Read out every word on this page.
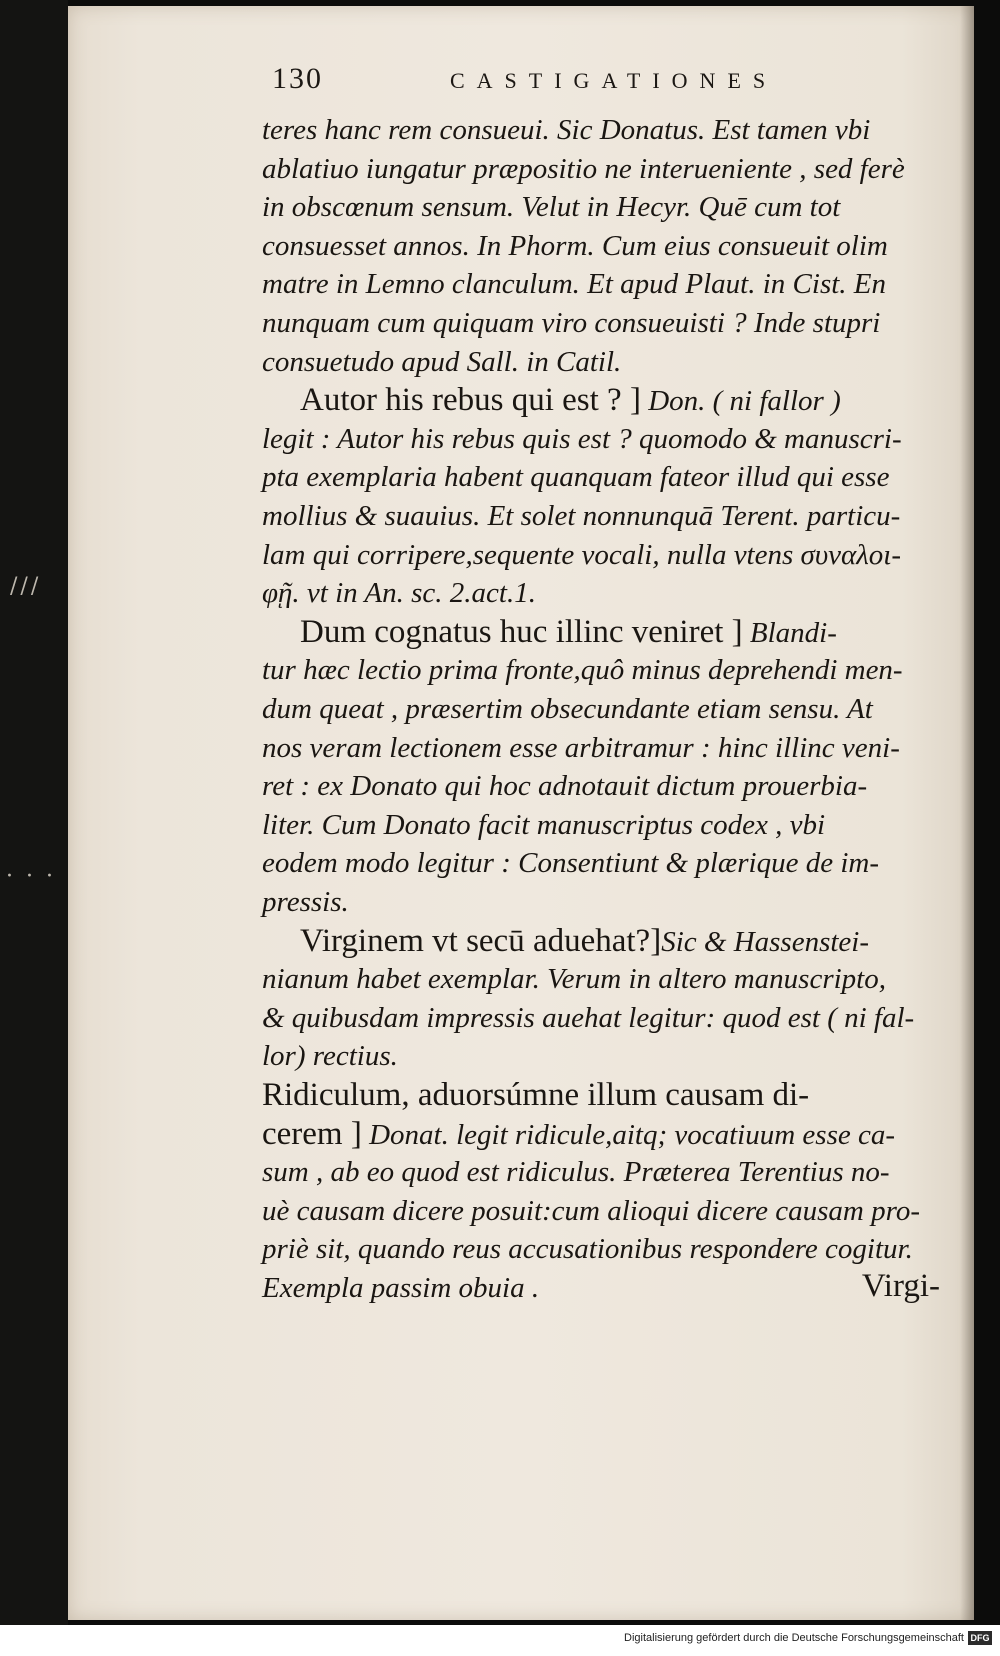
///
· · ·
130	CASTIGATIONES
Virgi-
teres hanc rem consueui. Sic Donatus. Est tamen vbi
ablatiuo iungatur præpositio ne interueniente , sed ferè
in obscœnum sensum. Velut in Hecyr. Quē cum tot
consuesset annos. In Phorm. Cum eius consueuit olim
matre in Lemno clanculum. Et apud Plaut. in Cist. En
nunquam cum quiquam viro consueuisti ? Inde stupri
consuetudo apud Sall. in Catil.
Autor his rebus qui est ? ] Don. ( ni fallor )
legit : Autor his rebus quis est ? quomodo & manuscri-
pta exemplaria habent quanquam fateor illud qui esse
mollius & suauius. Et solet nonnunquā Terent. particu-
lam qui corripere,sequente vocali, nulla vtens συναλοι-
φῇ. vt in An. sc. 2.act.1.
Dum cognatus huc illinc veniret ] Blandi-
tur hæc lectio prima fronte,quô minus deprehendi men-
dum queat , præsertim obsecundante etiam sensu. At
nos veram lectionem esse arbitramur : hinc illinc veni-
ret : ex Donato qui hoc adnotauit dictum prouerbia-
liter. Cum Donato facit manuscriptus codex , vbi
eodem modo legitur : Consentiunt & plærique de im-
pressis.
Virginem vt secū aduehat?]Sic & Hassenstei-
nianum habet exemplar. Verum in altero manuscripto,
& quibusdam impressis auehat legitur: quod est ( ni fal-
lor) rectius.
Ridiculum, aduorsúmne illum causam di-
cerem ] Donat. legit ridicule,aitq; vocatiuum esse ca-
sum , ab eo quod est ridiculus. Præterea Terentius no-
uè causam dicere posuit:cum alioqui dicere causam pro-
priè sit, quando reus accusationibus respondere cogitur.
Exempla passim obuia .
Digitalisierung gefördert durch die Deutsche Forschungsgemeinschaft DFG
